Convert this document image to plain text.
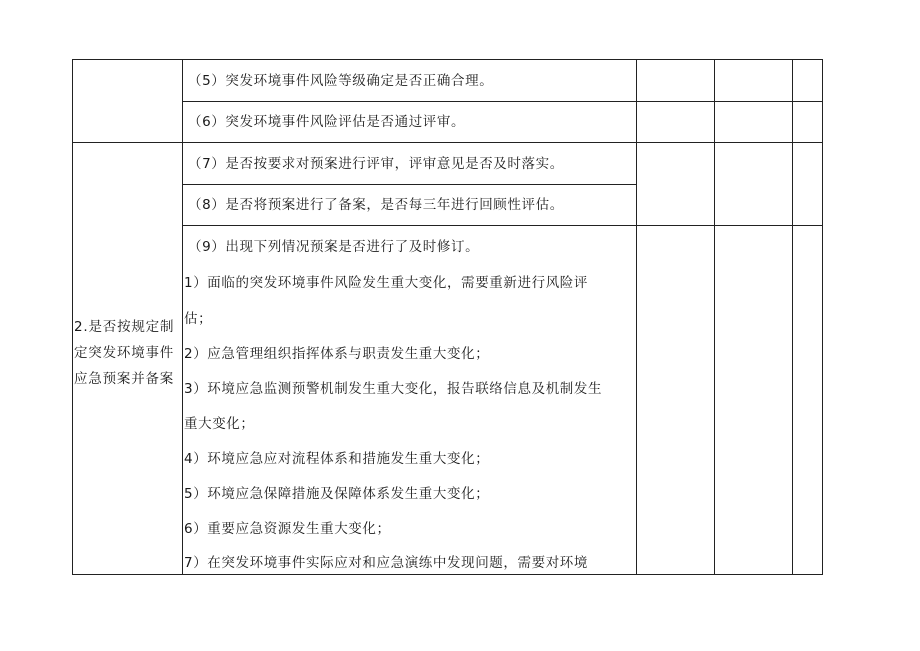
2.是否按规定制
定突发环境事件
应急预案并备案
（5）突发环境事件风险等级确定是否正确合理。
（6）突发环境事件风险评估是否通过评审。
（7）是否按要求对预案进行评审，评审意见是否及时落实。
（8）是否将预案进行了备案，是否每三年进行回顾性评估。
（9）出现下列情况预案是否进行了及时修订。
1）面临的突发环境事件风险发生重大变化，需要重新进行风险评
估；
2）应急管理组织指挥体系与职责发生重大变化；
3）环境应急监测预警机制发生重大变化，报告联络信息及机制发生
重大变化；
4）环境应急应对流程体系和措施发生重大变化；
5）环境应急保障措施及保障体系发生重大变化；
6）重要应急资源发生重大变化；
7）在突发环境事件实际应对和应急演练中发现问题，需要对环境
